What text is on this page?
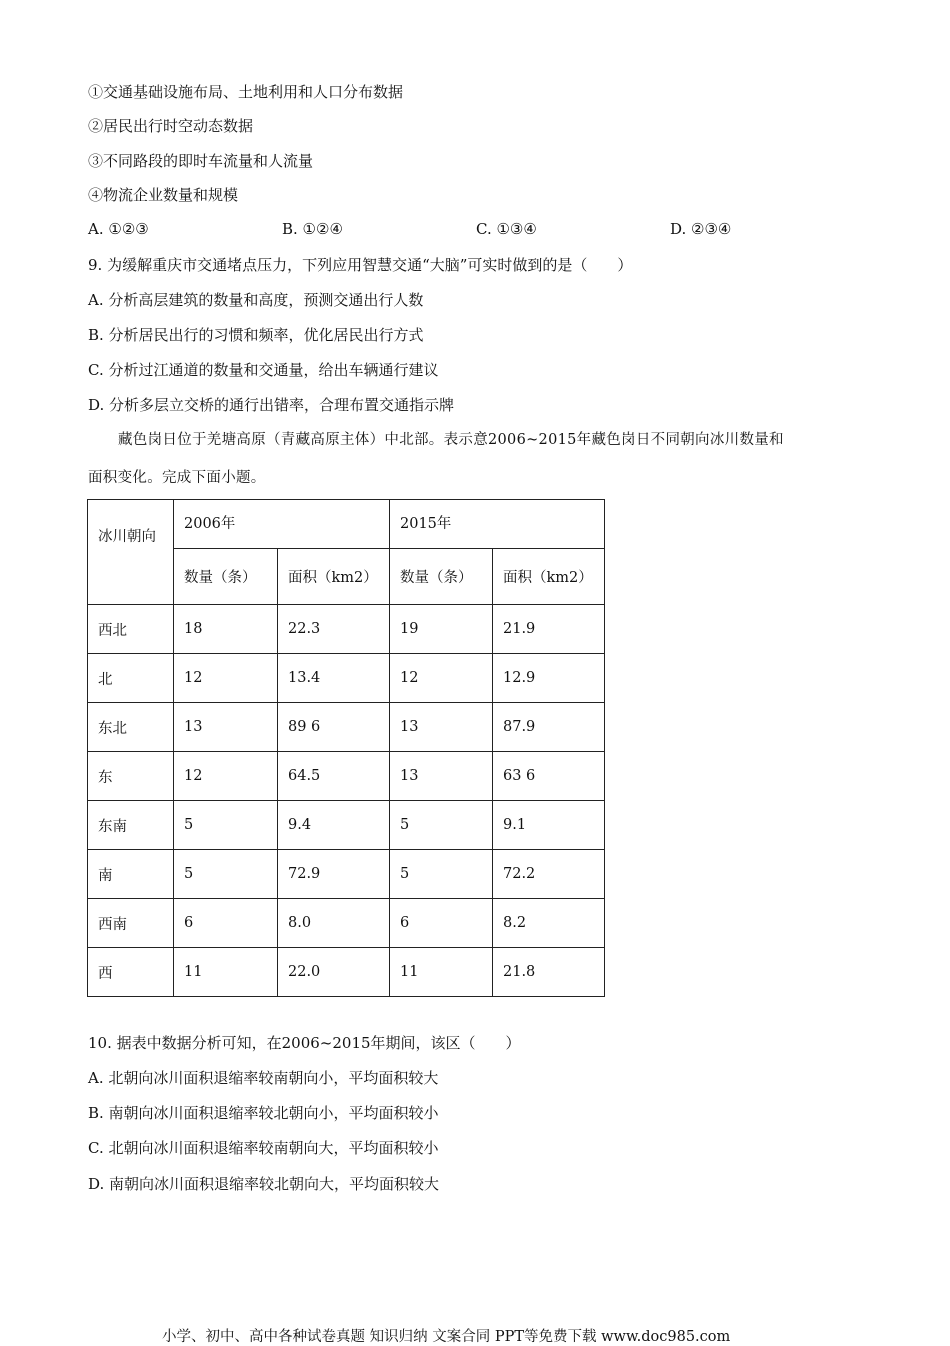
①交通基础设施布局、土地利用和人口分布数据
②居民出行时空动态数据
③不同路段的即时车流量和人流量
④物流企业数量和规模
A. ①②③	B. ①②④	C. ①③④	D. ②③④
9. 为缓解重庆市交通堵点压力，下列应用智慧交通“大脑”可实时做到的是（　　）
A. 分析高层建筑的数量和高度，预测交通出行人数
B. 分析居民出行的习惯和频率，优化居民出行方式
C. 分析过江通道的数量和交通量，给出车辆通行建议
D. 分析多层立交桥的通行出错率，合理布置交通指示牌
藏色岗日位于羌塘高原（青藏高原主体）中北部。表示意2006~2015年藏色岗日不同朝向冰川数量和
面积变化。完成下面小题。
冰川朝向	2006年		2015年	
	数量（条）	面积（km2）	数量（条）	面积（km2）
西北	18	22.3	19	21.9
北	12	13.4	12	12.9
东北	13	89 6	13	87.9
东	12	64.5	13	63 6
东南	5	9.4	5	9.1
南	5	72.9	5	72.2
西南	6	8.0	6	8.2
西	11	22.0	11	21.8
10. 据表中数据分析可知，在2006~2015年期间，该区（　　）
A. 北朝向冰川面积退缩率较南朝向小，平均面积较大
B. 南朝向冰川面积退缩率较北朝向小，平均面积较小
C. 北朝向冰川面积退缩率较南朝向大，平均面积较小
D. 南朝向冰川面积退缩率较北朝向大，平均面积较大
小学、初中、高中各种试卷真题 知识归纳 文案合同 PPT等免费下载 www.doc985.com
